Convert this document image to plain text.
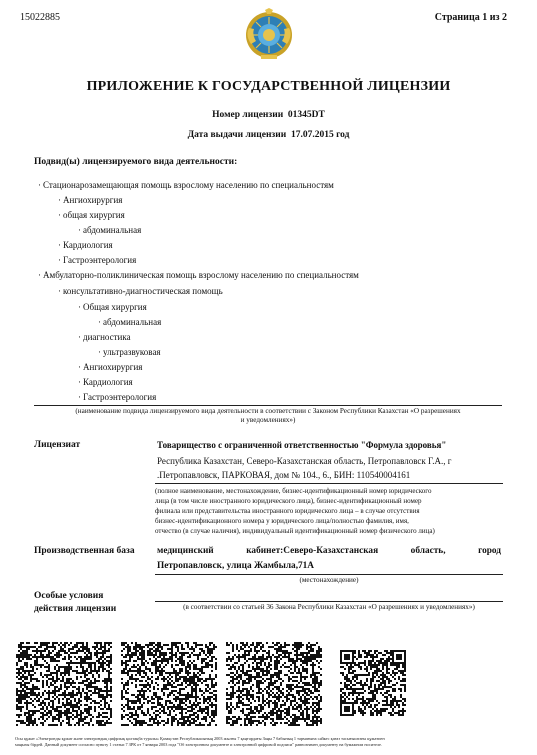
15022885	Страница 1 из 2
ПРИЛОЖЕНИЕ К ГОСУДАРСТВЕННОЙ ЛИЦЕНЗИИ
Номер лицензии 01345DT
Дата выдачи лицензии 17.07.2015 год
Подвид(ы) лицензируемого вида деятельности:
· Стационарозамещающая помощь взрослому населению по специальностям
· Ангиохирургия
· общая хирургия
· абдоминальная
· Кардиология
· Гастроэнтерология
· Амбулаторно-поликлиническая помощь взрослому населению по специальностям
· консультативно-диагностическая помощь
· Общая хирургия
· абдоминальная
· диагностика
· ультразвуковая
· Ангиохирургия
· Кардиология
· Гастроэнтерология
(наименование подвида лицензируемого вида деятельности в соответствии с Законом Республики Казахстан «О разрешениях
и уведомлениях»)
Лицензиат	Товарищество с ограниченной ответственностью "Формула здоровья"
Республика Казахстан, Северо-Казахстанская область, Петропавловск Г.А., г
.Петропавловск, ПАРКОВАЯ, дом № 104., 6., БИН: 110540004161
(полное наименование, местонахождение, бизнес-идентификационный номер юридического
лица (в том числе иностранного юридического лица), бизнес-идентификационный номер
филиала или представительства иностранного юридического лица – в случае отсутствия
бизнес-идентификационного номера у юридического лица/полностью фамилия, имя,
отчество (в случае наличия), индивидуальный идентификационный номер физического лица)
Производственная база медицинский кабинет:Северо-Казахстанская область, город
Петропавловск, улица Жамбыла,71А
(местонахождение)
Особые условия
действия лицензии	(в соответствии со статьей 36 Закона Республики Казахстан «О разрешениях и уведомлениях»)
Осы құжат «Электронды құжат және электрондық цифрлық қолтаңба туралы» Қазақстан Республикасының 2003 жылғы 7 қаңтардағы Заңы 7 бабының 1 тармағына сәйкес қағаз тасығыштағы құжатпен
маңызы бірдей. Данный документ согласно пункту 1 статьи 7 ЗРК от 7 января 2003 года "Об электронном документе и электронной цифровой подписи" равнозначен документу на бумажном носителе.
